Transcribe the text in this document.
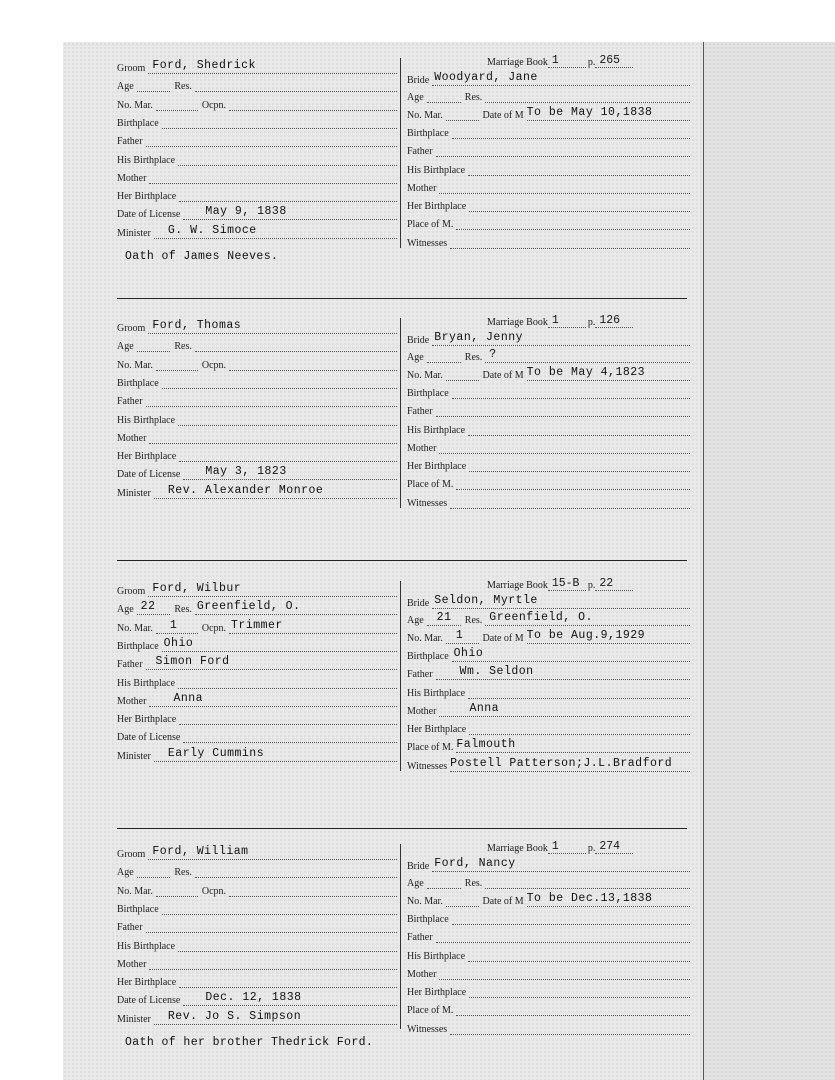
Groom Ford, Shedrick
Age	Res.
No. Mar.	Ocpn.
Birthplace
Father
His Birthplace
Mother
Her Birthplace
Date of License May 9, 1838
Minister G. W. Simoce
Marriage Book 1	p. 265
Bride Woodyard, Jane
Age	Res.
No. Mar.	Date of M To be May 10,1838
Birthplace
Father
His Birthplace
Mother
Her Birthplace
Place of M.
Witnesses
Oath of James Neeves.
Groom Ford, Thomas
Age	Res.
No. Mar.	Ocpn.
Birthplace
Father
His Birthplace
Mother
Her Birthplace
Date of License May 3, 1823
Minister Rev. Alexander Monroe
Marriage Book 1	p. 126
Bride Bryan, Jenny
Age	Res. ?
No. Mar.	Date of M To be May 4,1823
Birthplace
Father
His Birthplace
Mother
Her Birthplace
Place of M.
Witnesses
Groom Ford, Wilbur
Age 22 Res. Greenfield, O.
No. Mar. 1 Ocpn. Trimmer
Birthplace Ohio
Father Simon Ford
His Birthplace
Mother Anna
Her Birthplace
Date of License
Minister Early Cummins
Marriage Book 15-B p. 22
Bride Seldon, Myrtle
Age 21 Res. Greenfield, O.
No. Mar. 1 Date of M To be Aug.9,1929
Birthplace Ohio
Father Wm. Seldon
His Birthplace
Mother	Anna
Her Birthplace
Place of M. Falmouth
Witnesses Postell Patterson;J.L.Bradford
Groom Ford, William
Age	Res.
No. Mar.	Ocpn.
Birthplace
Father
His Birthplace
Mother
Her Birthplace
Date of License Dec. 12, 1838
Minister Rev. Jo S. Simpson
Marriage Book 1	p. 274
Bride Ford, Nancy
Age	Res.
No. Mar.	Date of M To be Dec.13,1838
Birthplace
Father
His Birthplace
Mother
Her Birthplace
Place of M.
Witnesses
Oath of her brother Thedrick Ford.
